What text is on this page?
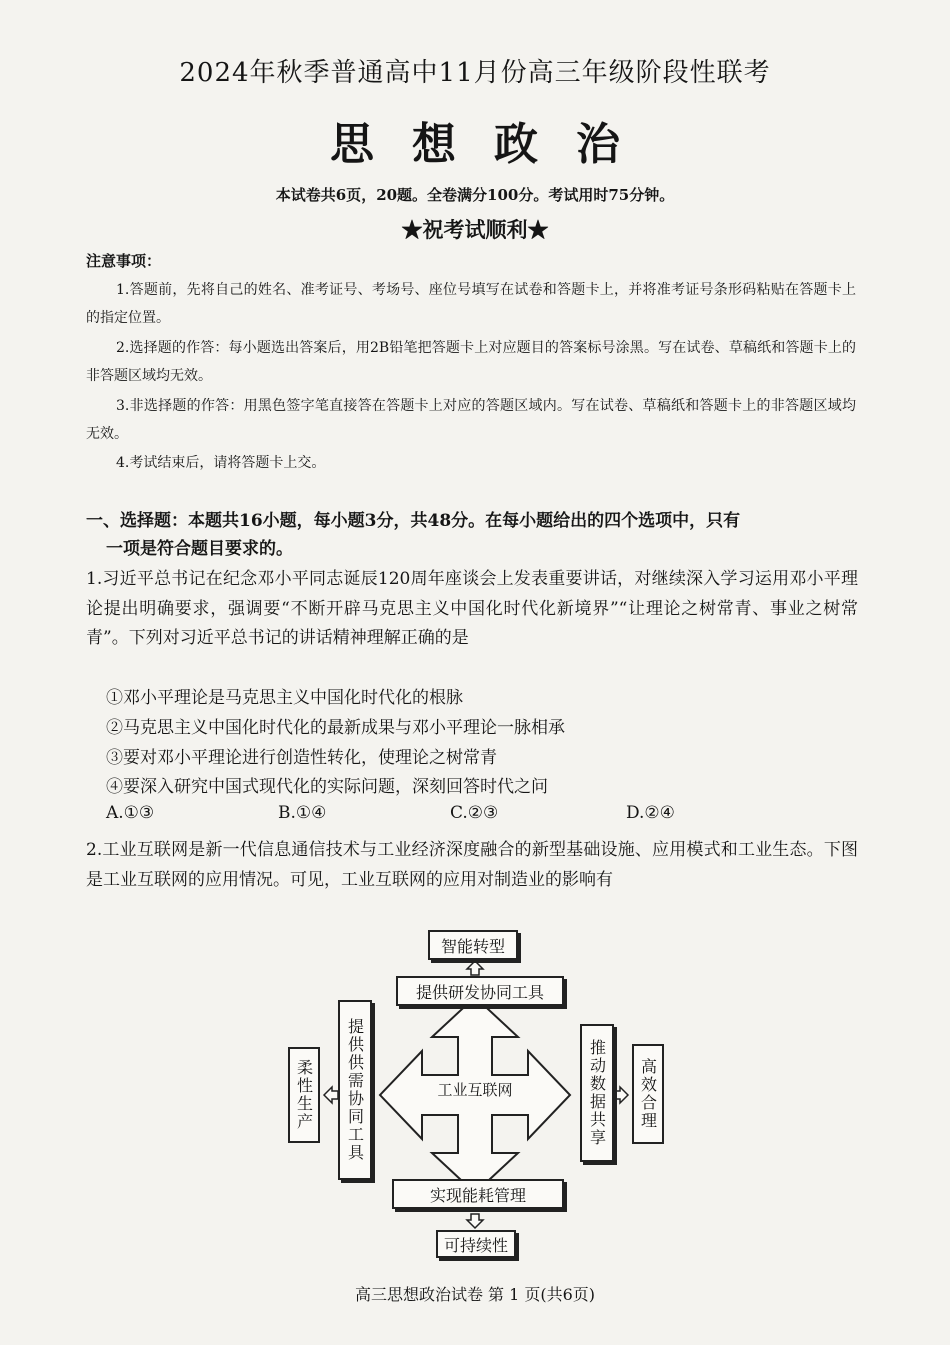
2024年秋季普通高中11月份高三年级阶段性联考
思想政治
本试卷共6页，20题。全卷满分100分。考试用时75分钟。
★祝考试顺利★
注意事项：
1.答题前，先将自己的姓名、准考证号、考场号、座位号填写在试卷和答题卡上，并将准考证号条形码粘贴在答题卡上的指定位置。
2.选择题的作答：每小题选出答案后，用2B铅笔把答题卡上对应题目的答案标号涂黑。写在试卷、草稿纸和答题卡上的非答题区域均无效。
3.非选择题的作答：用黑色签字笔直接答在答题卡上对应的答题区域内。写在试卷、草稿纸和答题卡上的非答题区域均无效。
4.考试结束后，请将答题卡上交。
一、选择题：本题共16小题，每小题3分，共48分。在每小题给出的四个选项中，只有
一项是符合题目要求的。
1.习近平总书记在纪念邓小平同志诞辰120周年座谈会上发表重要讲话，对继续深入学习运用邓小平理论提出明确要求，强调要“不断开辟马克思主义中国化时代化新境界”“让理论之树常青、事业之树常青”。下列对习近平总书记的讲话精神理解正确的是
①邓小平理论是马克思主义中国化时代化的根脉
②马克思主义中国化时代化的最新成果与邓小平理论一脉相承
③要对邓小平理论进行创造性转化，使理论之树常青
④要深入研究中国式现代化的实际问题，深刻回答时代之问
A.①③	B.①④	C.②③	D.②④
2.工业互联网是新一代信息通信技术与工业经济深度融合的新型基础设施、应用模式和工业生态。下图是工业互联网的应用情况。可见，工业互联网的应用对制造业的影响有
工业互联网
智能转型
提供研发协同工具
柔性生产	提供供需协同工具	推动数据共享	高效合理
实现能耗管理
可持续性
高三思想政治试卷 第 1 页(共6页)
